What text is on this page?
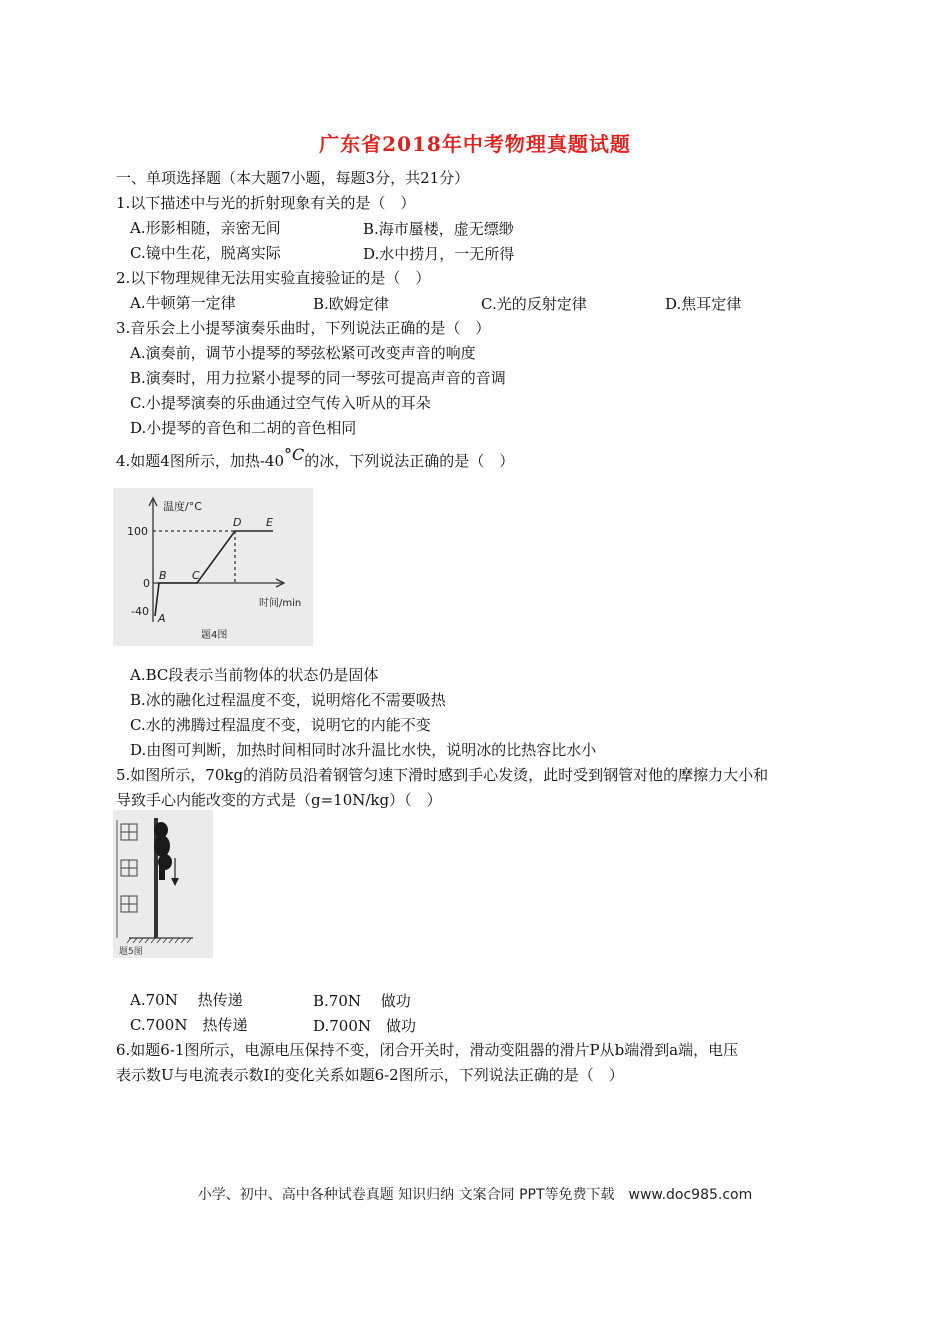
广东省2018年中考物理真题试题
一、单项选择题（本大题7小题，每题3分，共21分）
1.以下描述中与光的折射现象有关的是（　）
A.形影相随，亲密无间	B.海市蜃楼，虚无缥缈
C.镜中生花，脱离实际	D.水中捞月，一无所得
2.以下物理规律无法用实验直接验证的是（　）
A.牛顿第一定律	B.欧姆定律	C.光的反射定律	D.焦耳定律
3.音乐会上小提琴演奏乐曲时，下列说法正确的是（　）
A.演奏前，调节小提琴的琴弦松紧可改变声音的响度
B.演奏时，用力拉紧小提琴的同一琴弦可提高声音的音调
C.小提琴演奏的乐曲通过空气传入听从的耳朵
D.小提琴的音色和二胡的音色相同
4.如题4图所示，加热$-40^{^\circ C}$的冰，下列说法正确的是（　）
温度/°C
时间/min
100
0
-40
A
B C
D E
题4图
A.BC段表示当前物体的状态仍是固体
B.冰的融化过程温度不变，说明熔化不需要吸热
C.水的沸腾过程温度不变，说明它的内能不变
D.由图可判断，加热时间相同时冰升温比水快，说明冰的比热容比水小
5.如图所示，70kg的消防员沿着钢管匀速下滑时感到手心发烫，此时受到钢管对他的摩擦力大小和
导致手心内能改变的方式是（g=10N/kg）（　）
题5图
A.70N　 热传递	B.70N　 做功
C.700N　热传递	D.700N　做功
6.如题6-1图所示，电源电压保持不变，闭合开关时，滑动变阻器的滑片P从b端滑到a端，电压
表示数U与电流表示数I的变化关系如题6-2图所示，下列说法正确的是（　）
小学、初中、高中各种试卷真题 知识归纳 文案合同 PPT等免费下载　www.doc985.com
